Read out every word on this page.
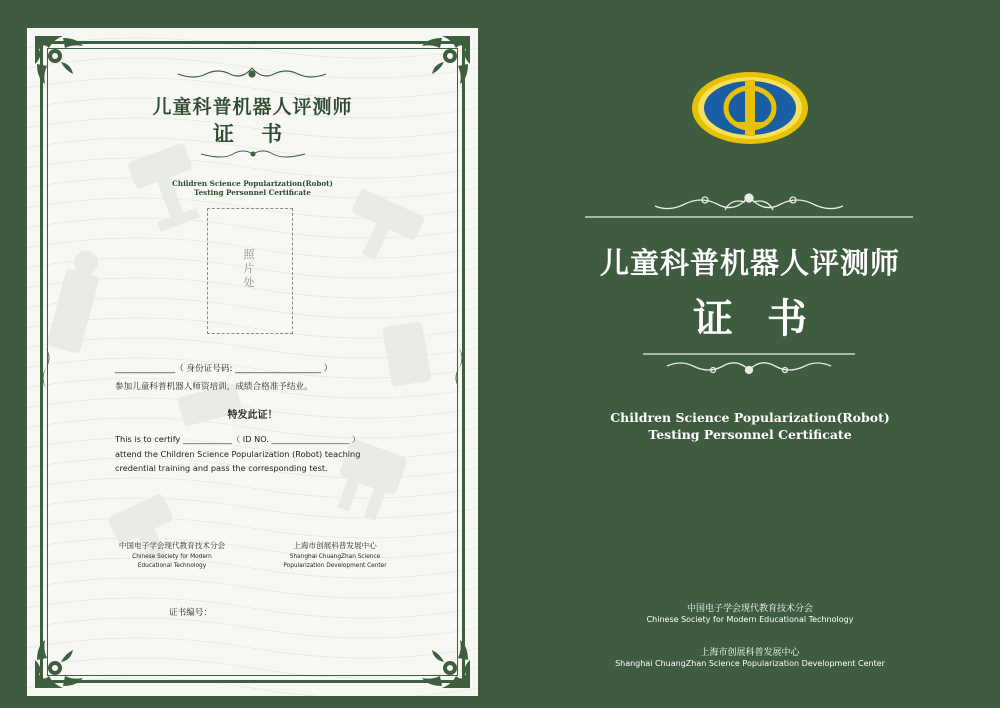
儿童科普机器人评测师
证 书
Children Science Popularization(Robot)
Testing Personnel Certificate
照片处
______________（ 身份证号码: ____________________ ）
参加儿童科普机器人师资培训，成绩合格准予结业。
特发此证！
This is to certify ____________（ ID NO. ___________________ ）
attend the Children Science Popularization (Robot) teaching
credential training and pass the corresponding test.
中国电子学会现代教育技术分会
Chinese Society for Modern
Educational Technology
上海市创展科普发展中心
Shanghai ChuangZhan Science
Popularization Development Center
证书编号：
儿童科普机器人评测师
证书
Children Science Popularization(Robot)
Testing Personnel Certificate
中国电子学会现代教育技术分会
Chinese Society for Modern Educational Technology
上海市创展科普发展中心
Shanghai ChuangZhan Science Popularization Development Center
